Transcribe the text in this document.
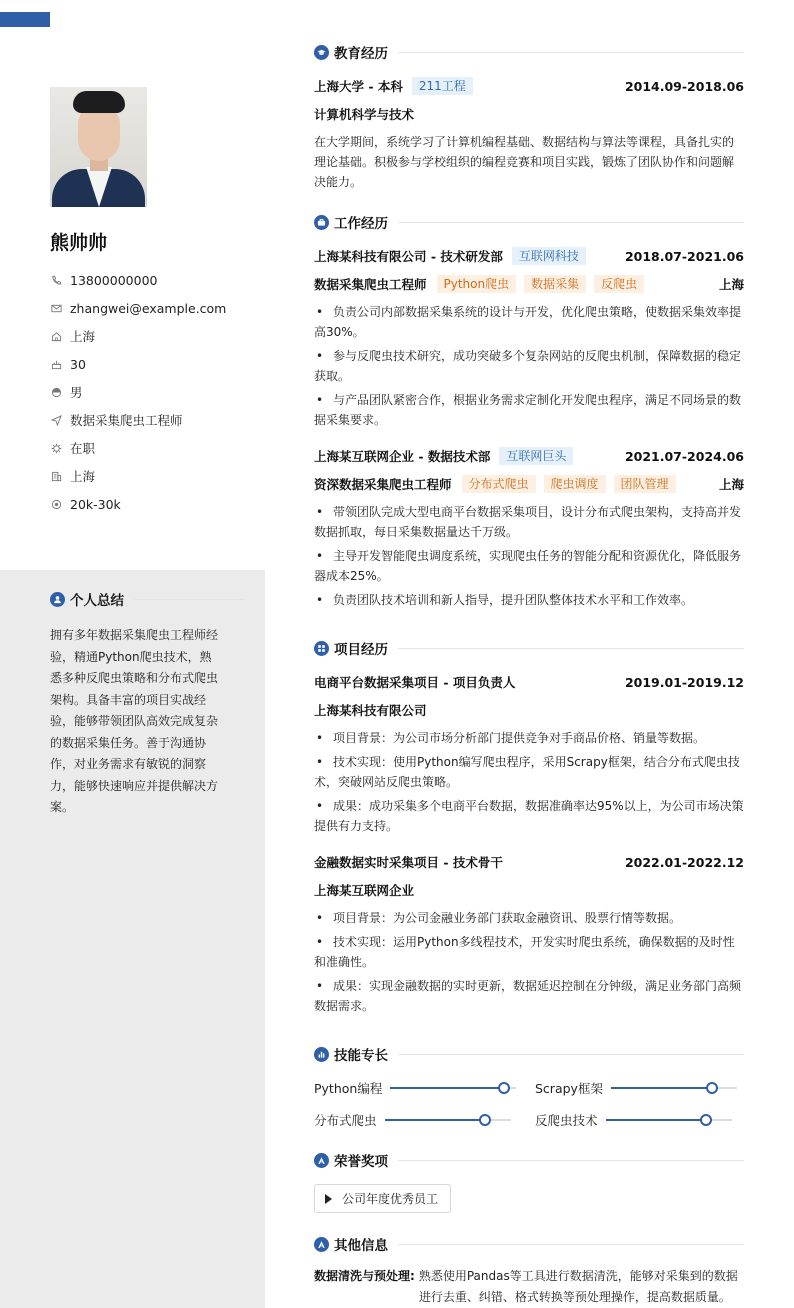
熊帅帅
13800000000
zhangwei@example.com
上海
30
男
数据采集爬虫工程师
在职
上海
20k-30k
个人总结
拥有多年数据采集爬虫工程师经验，精通Python爬虫技术，熟悉多种反爬虫策略和分布式爬虫架构。具备丰富的项目实战经验，能够带领团队高效完成复杂的数据采集任务。善于沟通协作，对业务需求有敏锐的洞察力，能够快速响应并提供解决方案。
教育经历
上海大学 - 本科	211工程	2014.09-2018.06
计算机科学与技术
在大学期间，系统学习了计算机编程基础、数据结构与算法等课程，具备扎实的理论基础。积极参与学校组织的编程竞赛和项目实践，锻炼了团队协作和问题解决能力。
工作经历
上海某科技有限公司 - 技术研发部	互联网科技	2018.07-2021.06
数据采集爬虫工程师	Python爬虫	数据采集	反爬虫	上海
• 负责公司内部数据采集系统的设计与开发，优化爬虫策略，使数据采集效率提高30%。
• 参与反爬虫技术研究，成功突破多个复杂网站的反爬虫机制，保障数据的稳定获取。
• 与产品团队紧密合作，根据业务需求定制化开发爬虫程序，满足不同场景的数据采集要求。
上海某互联网企业 - 数据技术部	互联网巨头	2021.07-2024.06
资深数据采集爬虫工程师	分布式爬虫	爬虫调度	团队管理	上海
• 带领团队完成大型电商平台数据采集项目，设计分布式爬虫架构，支持高并发数据抓取，每日采集数据量达千万级。
• 主导开发智能爬虫调度系统，实现爬虫任务的智能分配和资源优化，降低服务器成本25%。
• 负责团队技术培训和新人指导，提升团队整体技术水平和工作效率。
项目经历
电商平台数据采集项目 - 项目负责人	2019.01-2019.12
上海某科技有限公司
• 项目背景：为公司市场分析部门提供竞争对手商品价格、销量等数据。
• 技术实现：使用Python编写爬虫程序，采用Scrapy框架，结合分布式爬虫技术，突破网站反爬虫策略。
• 成果：成功采集多个电商平台数据，数据准确率达95%以上，为公司市场决策提供有力支持。
金融数据实时采集项目 - 技术骨干	2022.01-2022.12
上海某互联网企业
• 项目背景：为公司金融业务部门获取金融资讯、股票行情等数据。
• 技术实现：运用Python多线程技术，开发实时爬虫系统，确保数据的及时性和准确性。
• 成果：实现金融数据的实时更新，数据延迟控制在分钟级，满足业务部门高频数据需求。
技能专长
Python编程	Scrapy框架
分布式爬虫	反爬虫技术
荣誉奖项
公司年度优秀员工
其他信息
数据清洗与预处理: 熟悉使用Pandas等工具进行数据清洗，能够对采集到的数据进行去重、纠错、格式转换等预处理操作，提高数据质量。
